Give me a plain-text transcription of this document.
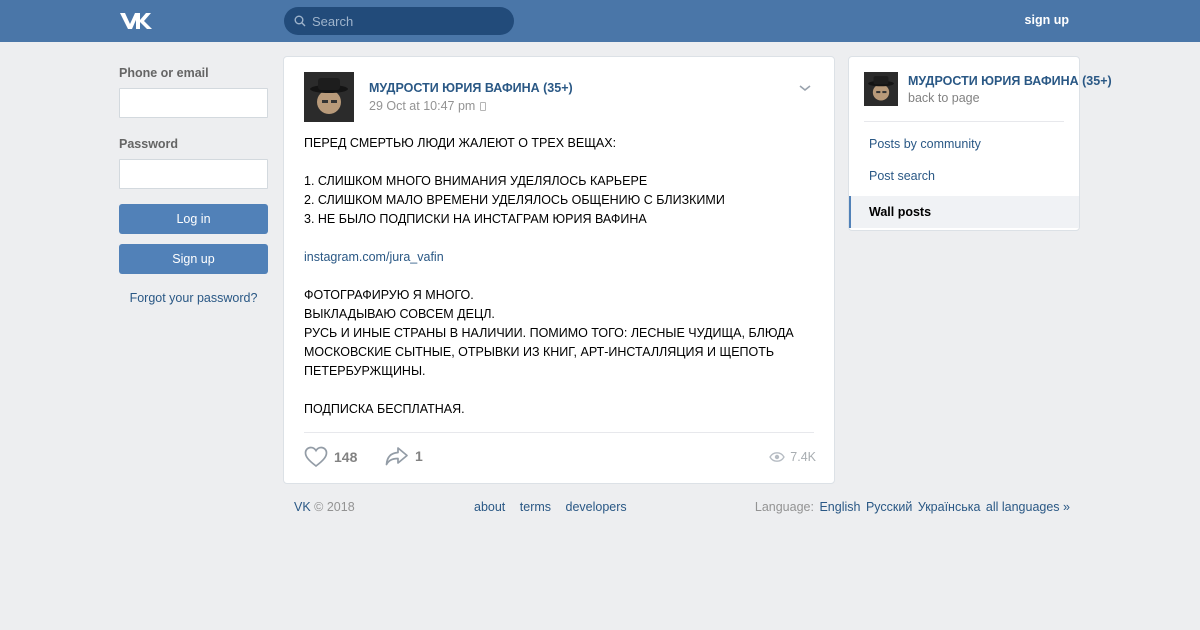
Search
sign up
Phone or email
Password
Log in
Sign up
Forgot your password?
МУДРОСТИ ЮРИЯ ВАФИНА (35+)
29 Oct at 10:47 pm

ПЕРЕД СМЕРТЬЮ ЛЮДИ ЖАЛЕЮТ О ТРЕХ ВЕЩАХ:

1. СЛИШКОМ МНОГО ВНИМАНИЯ УДЕЛЯЛОСЬ КАРЬЕРЕ

2. СЛИШКОМ МАЛО ВРЕМЕНИ УДЕЛЯЛОСЬ ОБЩЕНИЮ С БЛИЗКИМИ

3. НЕ БЫЛО ПОДПИСКИ НА ИНСТАГРАМ ЮРИЯ ВАФИНА

instagram.com/jura_vafin

ФОТОГРАФИРУЮ Я МНОГО.

ВЫКЛАДЫВАЮ СОВСЕМ ДЕЦЛ.

РУСЬ И ИНЫЕ СТРАНЫ В НАЛИЧИИ. ПОМИМО ТОГО: ЛЕСНЫЕ ЧУДИЩА, БЛЮДА МОСКОВСКИЕ СЫТНЫЕ, ОТРЫВКИ ИЗ КНИГ, АРТ-ИНСТАЛЛЯЦИЯ И ЩЕПОТЬ ПЕТЕРБУРЖЩИНЫ.

ПОДПИСКА БЕСПЛАТНАЯ.

148	1	7.4K
VK © 2018	about terms developers	Language: English Русский Українська all languages »
МУДРОСТИ ЮРИЯ ВАФИНА (35+)
back to page
Posts by community
Post search
Wall posts
